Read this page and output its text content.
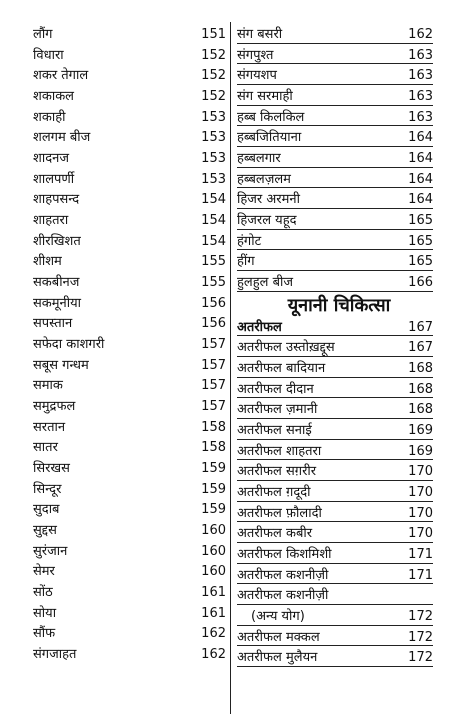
लौंग	151
विधारा	152
शकर तेगाल	152
शकाकल	152
शकाही	153
शलगम बीज	153
शादनज	153
शालपर्णी	153
शाहपसन्द	154
शाहतरा	154
शीरखिशत	154
शीशम	155
सकबीनज	155
सकमूनीया	156
सपस्तान	156
सफेदा काशगरी	157
सबूस गन्धम	157
समाक	157
समुद्रफल	157
सरतान	158
सातर	158
सिरखस	159
सिन्दूर	159
सुदाब	159
सुद्दस	160
सुरंजान	160
सेमर	160
सोंठ	161
सोया	161
सौंफ	162
संगजाहत	162
संग बसरी	162
संगपुश्त	163
संगयशप	163
संग सरमाही	163
हब्ब किलकिल	163
हब्बजितियाना	164
हब्बलगार	164
हब्बलज़लम	164
हिजर अरमनी	164
हिजरल यहूद	165
हंगोट	165
हींग	165
हुलहुल बीज	166
यूनानी चिकित्सा
अतरीफल	167
अतरीफल उस्तोख़द्दूस	167
अतरीफल बादियान	168
अतरीफल दीदान	168
अतरीफल ज़मानी	168
अतरीफल सनाई	169
अतरीफल शाहतरा	169
अतरीफल सग़रीर	170
अतरीफल ग़दूदी	170
अतरीफल फ़ौलादी	170
अतरीफल कबीर	170
अतरीफल किशमिशी	171
अतरीफल कशनीज़ी	171
अतरीफल कशनीज़ी
(अन्य योग)	172
अतरीफल मक्कल	172
अतरीफल मुलैयन	172
